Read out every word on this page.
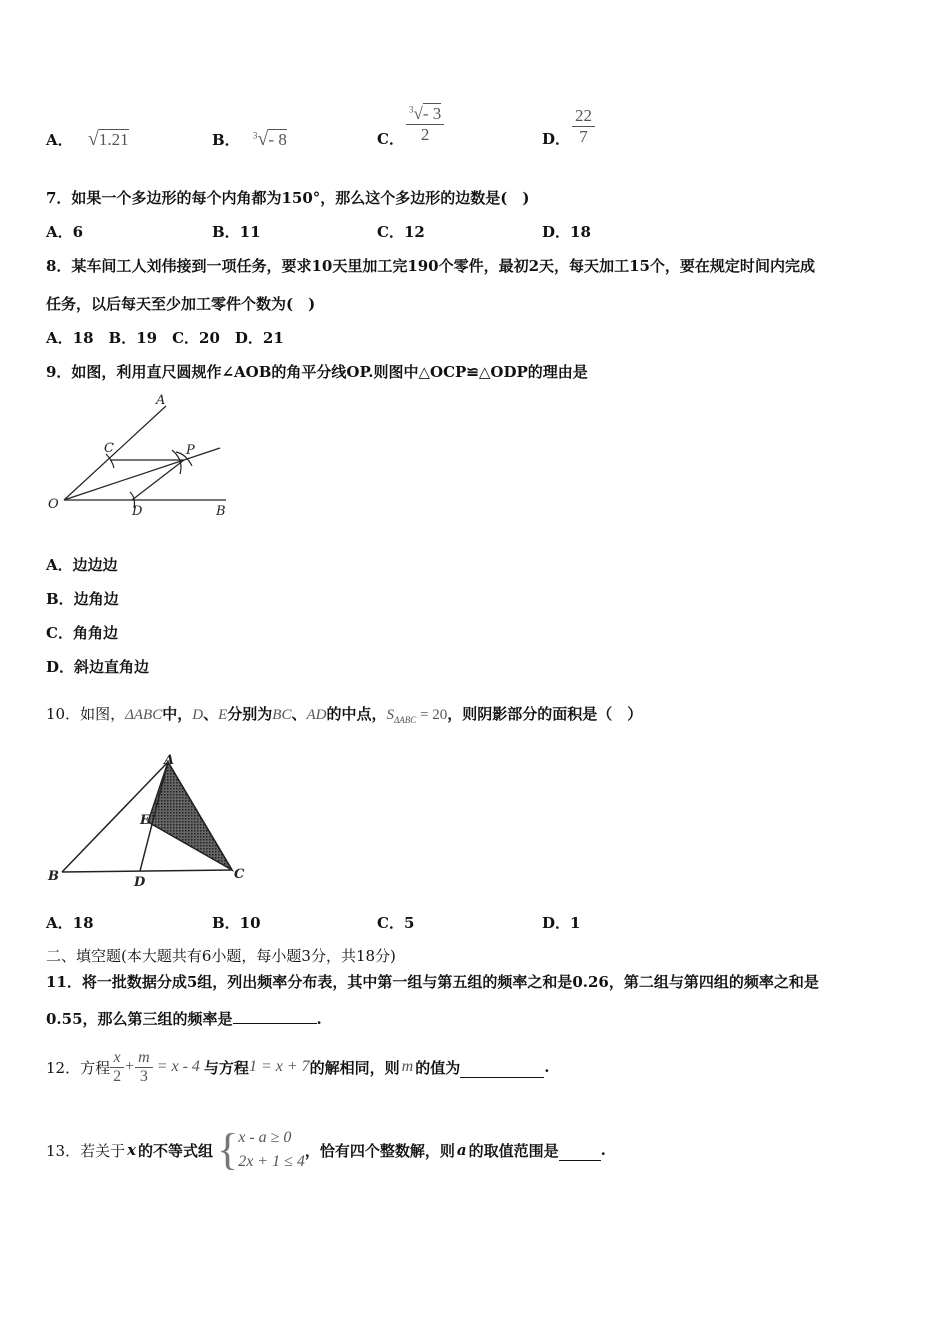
A． √1.21	B． $^3$√- 8	C． $\frac{^3√- 3}{2}$	D． $\frac{22}{7}$
7．如果一个多边形的每个内角都为150°，那么这个多边形的边数是(　)
A．6	B．11	C．12	D．18
8．某车间工人刘伟接到一项任务，要求10天里加工完190个零件，最初2天，每天加工15个，要在规定时间内完成
任务，以后每天至少加工零件个数为(　)
A．18　B．19　C．20　D．21
9．如图，利用直尺圆规作∠AOB的角平分线OP.则图中△OCP≌△ODP的理由是
A
C	P
O	D	B
A．边边边
B．边角边
C．角角边
D．斜边直角边
10．如图，ΔABC中，D、E分别为BC、AD的中点，$S_{\Delta ABC} = 20$，则阴影部分的面积是（　）
A
E
B	D
C
A．18	B．10	C．5	D．1
二、填空题(本大题共有6小题，每小题3分，共18分)
11．将一批数据分成5组，列出频率分布表，其中第一组与第五组的频率之和是0.26，第二组与第四组的频率之和是
0.55，那么第三组的频率是	.
12．方程 $\frac{x}{2} + \frac{m}{3} = x - 4$ 与方程 1 = x + 7 的解相同，则 m 的值为	.
13．若关于 x 的不等式组 { x - a ≥ 0
2x + 1 ≤ 4
，恰有四个整数解，则 a 的取值范围是	.
